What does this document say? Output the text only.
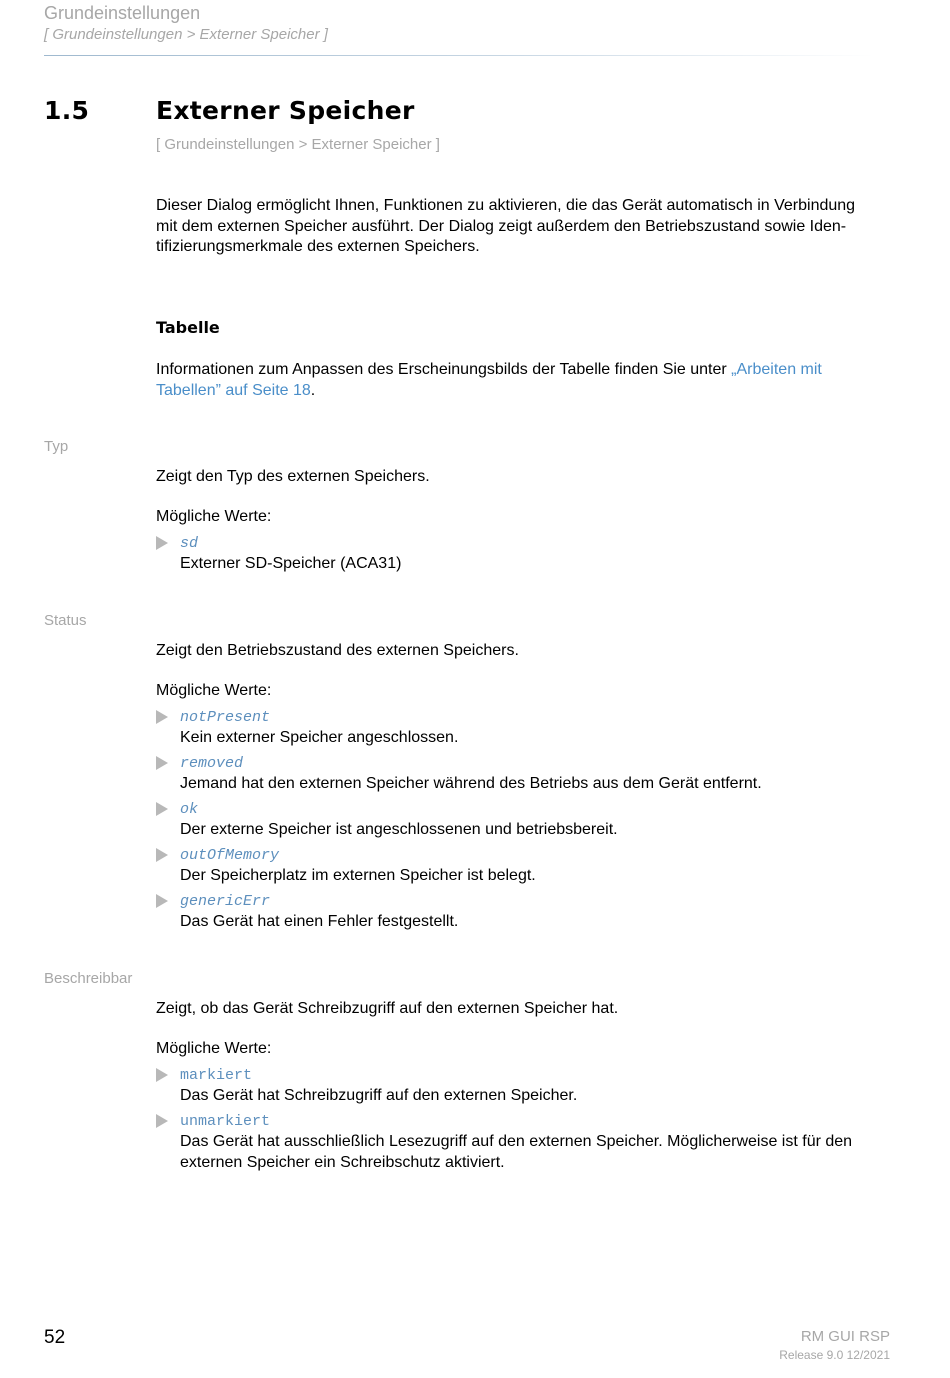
Grundeinstellungen
[ Grundeinstellungen > Externer Speicher ]
1.5	Externer Speicher
[ Grundeinstellungen > Externer Speicher ]
Dieser Dialog ermöglicht Ihnen, Funktionen zu aktivieren, die das Gerät automatisch in Verbindung
mit dem externen Speicher ausführt. Der Dialog zeigt außerdem den Betriebszustand sowie Iden-
tifizierungsmerkmale des externen Speichers.
Tabelle
Informationen zum Anpassen des Erscheinungsbilds der Tabelle finden Sie unter „Arbeiten mit
Tabellen” auf Seite 18.
Typ
Zeigt den Typ des externen Speichers.
Mögliche Werte:
sd
Externer SD-Speicher (ACA31)
Status
Zeigt den Betriebszustand des externen Speichers.
Mögliche Werte:
notPresent
Kein externer Speicher angeschlossen.
removed
Jemand hat den externen Speicher während des Betriebs aus dem Gerät entfernt.
ok
Der externe Speicher ist angeschlossenen und betriebsbereit.
outOfMemory
Der Speicherplatz im externen Speicher ist belegt.
genericErr
Das Gerät hat einen Fehler festgestellt.
Beschreibbar
Zeigt, ob das Gerät Schreibzugriff auf den externen Speicher hat.
Mögliche Werte:
markiert
Das Gerät hat Schreibzugriff auf den externen Speicher.
unmarkiert
Das Gerät hat ausschließlich Lesezugriff auf den externen Speicher. Möglicherweise ist für den
externen Speicher ein Schreibschutz aktiviert.
52	RM GUI RSP
Release 9.0 12/2021
